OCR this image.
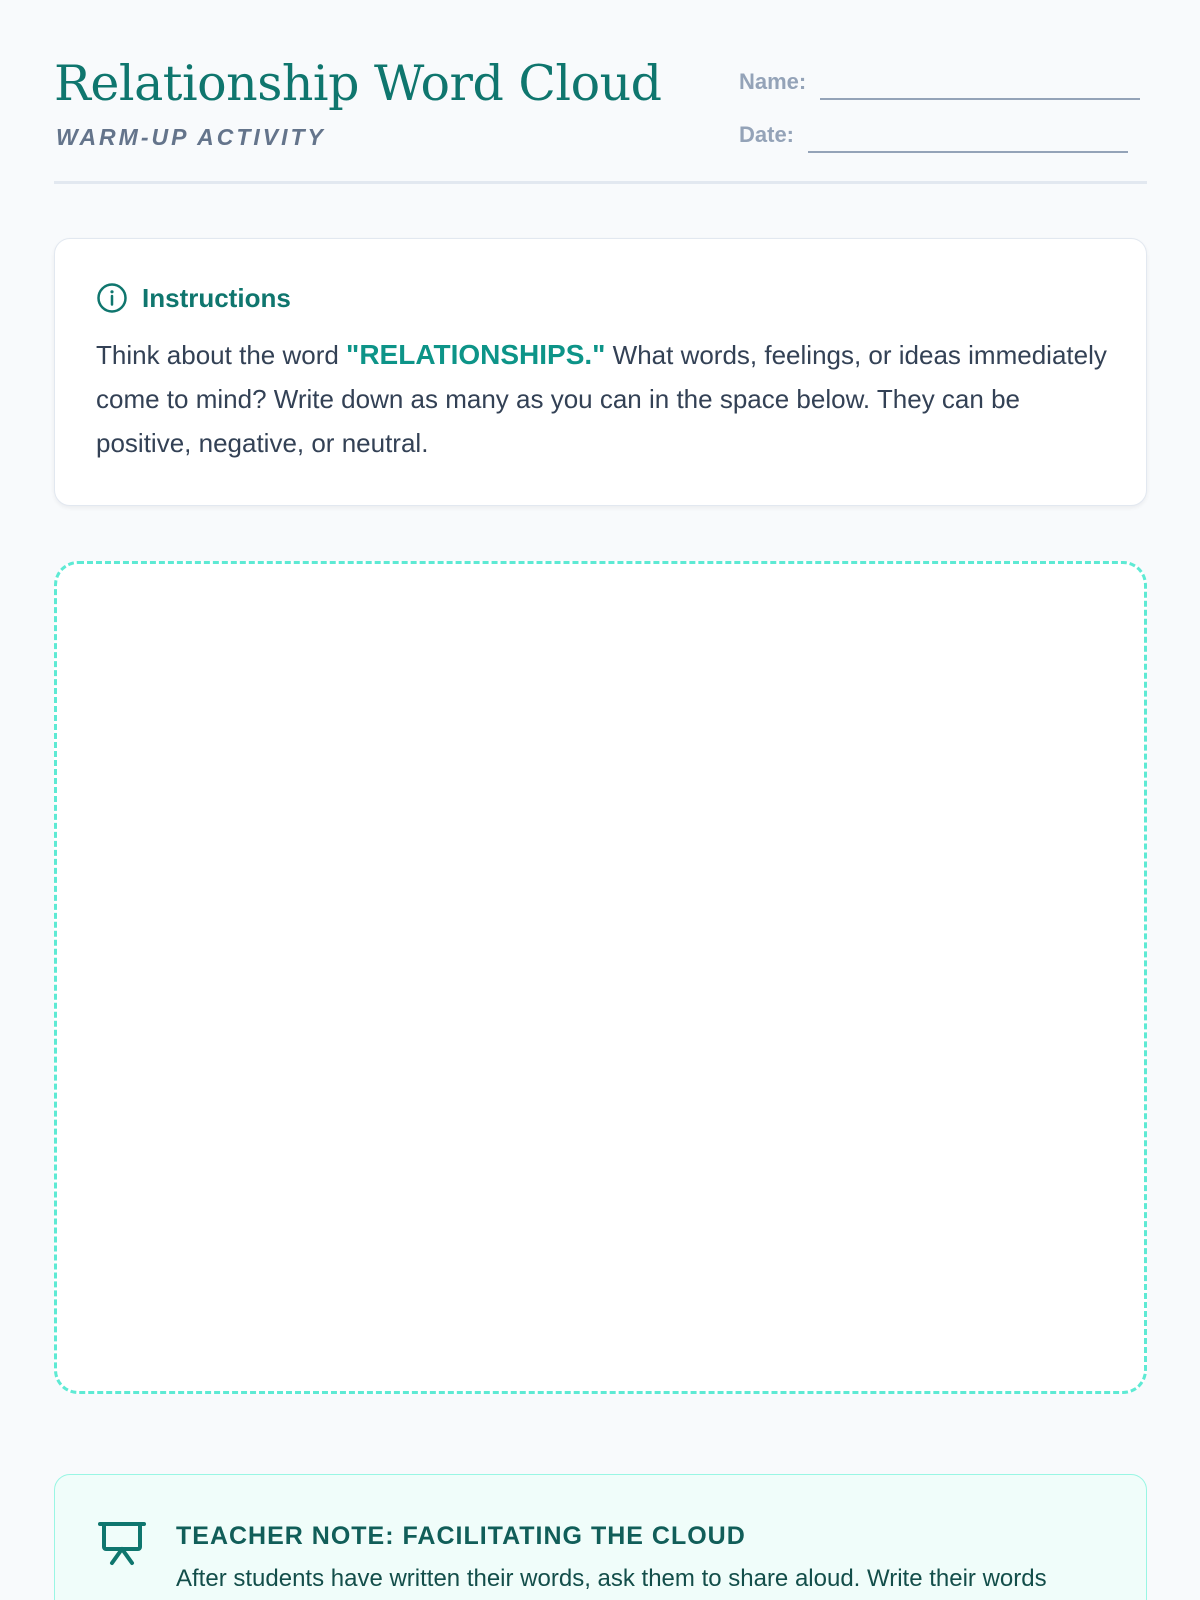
Relationship Word Cloud
WARM-UP ACTIVITY
Name:
Date:
Instructions

Think about the word "RELATIONSHIPS." What words, feelings, or ideas immediately come to mind? Write down as many as you can in the space below. They can be positive, negative, or neutral.

TEACHER NOTE: FACILITATING THE CLOUD
After students have written their words, ask them to share aloud. Write their words
